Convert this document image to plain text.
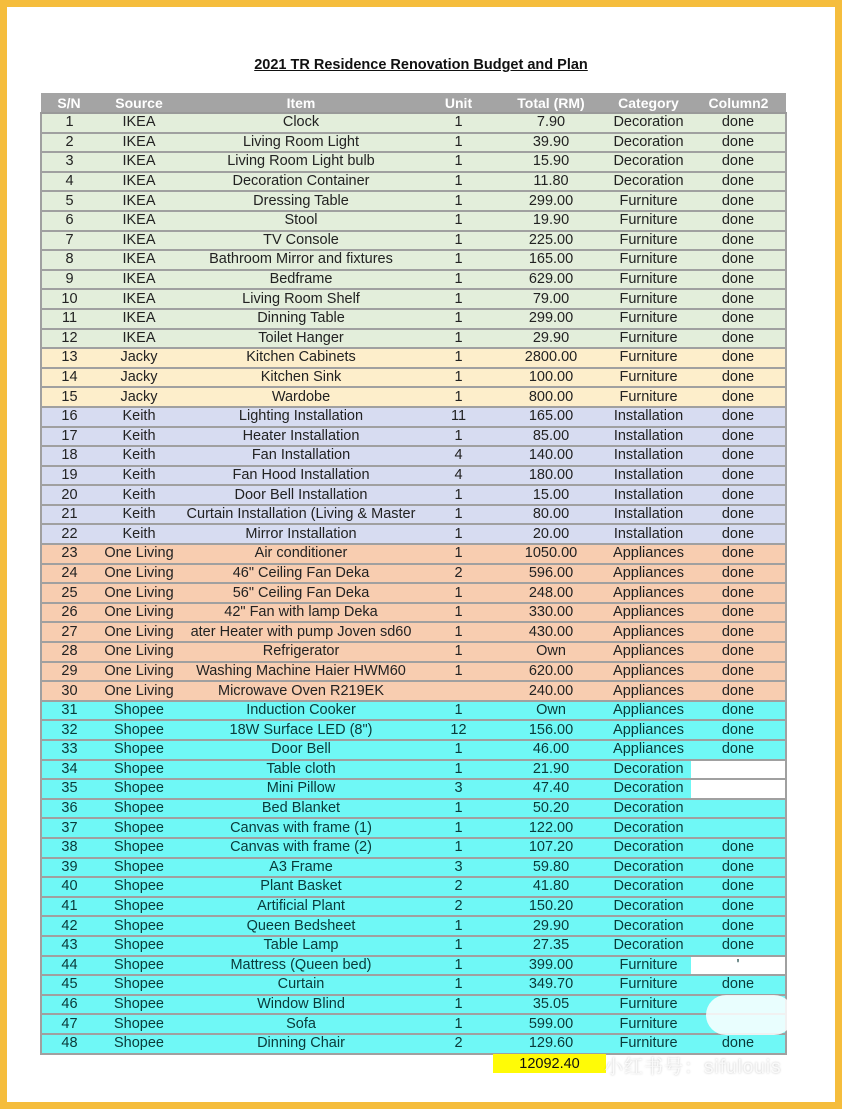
2021 TR Residence Renovation Budget and Plan
S/N	Source	Item	Unit	Total (RM)	Category	Column2
1	IKEA	Clock	1	7.90	Decoration	done
2	IKEA	Living Room Light	1	39.90	Decoration	done
3	IKEA	Living Room Light bulb	1	15.90	Decoration	done
4	IKEA	Decoration Container	1	11.80	Decoration	done
5	IKEA	Dressing Table	1	299.00	Furniture	done
6	IKEA	Stool	1	19.90	Furniture	done
7	IKEA	TV Console	1	225.00	Furniture	done
8	IKEA	Bathroom Mirror and fixtures	1	165.00	Furniture	done
9	IKEA	Bedframe	1	629.00	Furniture	done
10	IKEA	Living Room Shelf	1	79.00	Furniture	done
11	IKEA	Dinning Table	1	299.00	Furniture	done
12	IKEA	Toilet Hanger	1	29.90	Furniture	done
13	Jacky	Kitchen Cabinets	1	2800.00	Furniture	done
14	Jacky	Kitchen Sink	1	100.00	Furniture	done
15	Jacky	Wardobe	1	800.00	Furniture	done
16	Keith	Lighting Installation	11	165.00	Installation	done
17	Keith	Heater Installation	1	85.00	Installation	done
18	Keith	Fan Installation	4	140.00	Installation	done
19	Keith	Fan Hood Installation	4	180.00	Installation	done
20	Keith	Door Bell Installation	1	15.00	Installation	done
21	Keith	Curtain Installation (Living & Master	1	80.00	Installation	done
22	Keith	Mirror Installation	1	20.00	Installation	done
23	One Living	Air conditioner	1	1050.00	Appliances	done
24	One Living	46" Ceiling Fan Deka	2	596.00	Appliances	done
25	One Living	56" Ceiling Fan Deka	1	248.00	Appliances	done
26	One Living	42" Fan with lamp Deka	1	330.00	Appliances	done
27	One Living	ater Heater with pump Joven sd60	1	430.00	Appliances	done
28	One Living	Refrigerator	1	Own	Appliances	done
29	One Living	Washing Machine Haier HWM60	1	620.00	Appliances	done
30	One Living	Microwave Oven R219EK		240.00	Appliances	done
31	Shopee	Induction Cooker	1	Own	Appliances	done
32	Shopee	18W Surface LED (8")	12	156.00	Appliances	done
33	Shopee	Door Bell	1	46.00	Appliances	done
34	Shopee	Table cloth	1	21.90	Decoration	
35	Shopee	Mini Pillow	3	47.40	Decoration	
36	Shopee	Bed Blanket	1	50.20	Decoration	
37	Shopee	Canvas with frame (1)	1	122.00	Decoration	
38	Shopee	Canvas with frame (2)	1	107.20	Decoration	done
39	Shopee	A3 Frame	3	59.80	Decoration	done
40	Shopee	Plant Basket	2	41.80	Decoration	done
41	Shopee	Artificial Plant	2	150.20	Decoration	done
42	Shopee	Queen Bedsheet	1	29.90	Decoration	done
43	Shopee	Table Lamp	1	27.35	Decoration	done
44	Shopee	Mattress (Queen bed)	1	399.00	Furniture	'
45	Shopee	Curtain	1	349.70	Furniture	done
46	Shopee	Window Blind	1	35.05	Furniture	
47	Shopee	Sofa	1	599.00	Furniture	
48	Shopee	Dinning Chair	2	129.60	Furniture	done
12092.40	小红书号：sifulouis
